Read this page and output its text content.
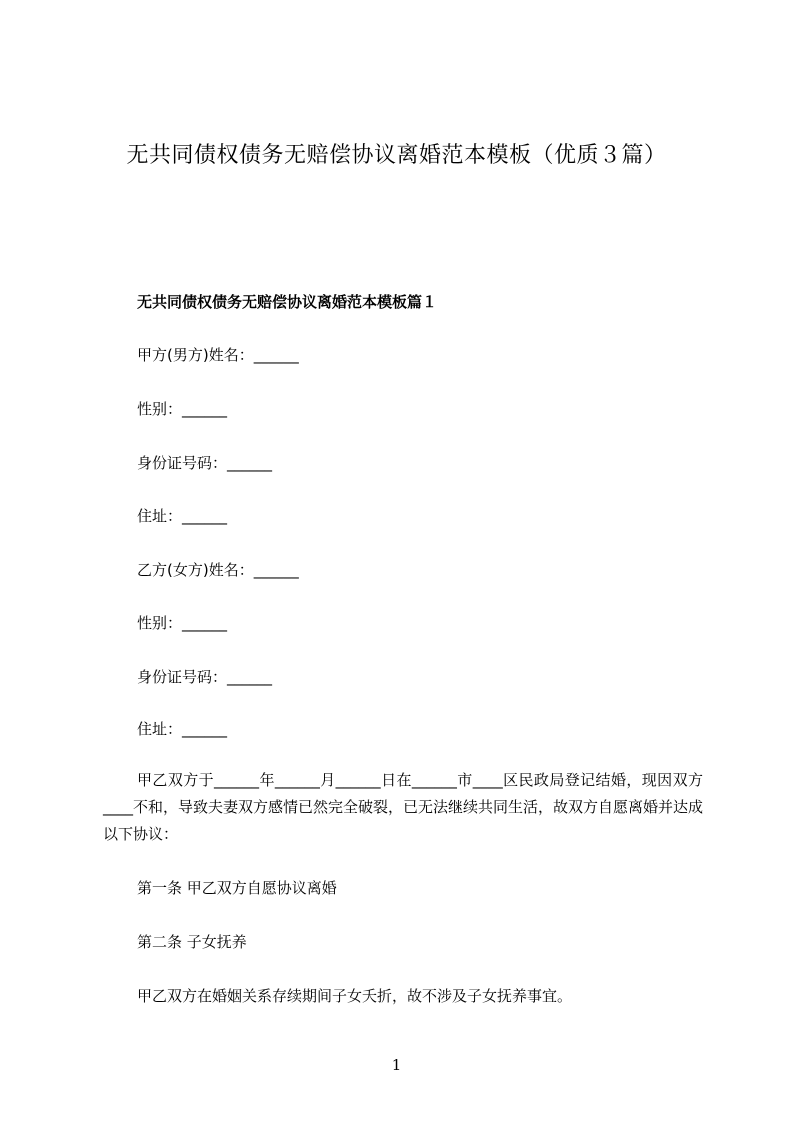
无共同债权债务无赔偿协议离婚范本模板（优质３篇）
无共同债权债务无赔偿协议离婚范本模板篇１
甲方(男方)姓名：______
性别：______
身份证号码：______
住址：______
乙方(女方)姓名：______
性别：______
身份证号码：______
住址：______
甲乙双方于______年______月______日在______市____区民政局登记结婚，现因双方____不和，导致夫妻双方感情已然完全破裂，已无法继续共同生活，故双方自愿离婚并达成以下协议：
第一条 甲乙双方自愿协议离婚
第二条 子女抚养
甲乙双方在婚姻关系存续期间子女夭折，故不涉及子女抚养事宜。
1
